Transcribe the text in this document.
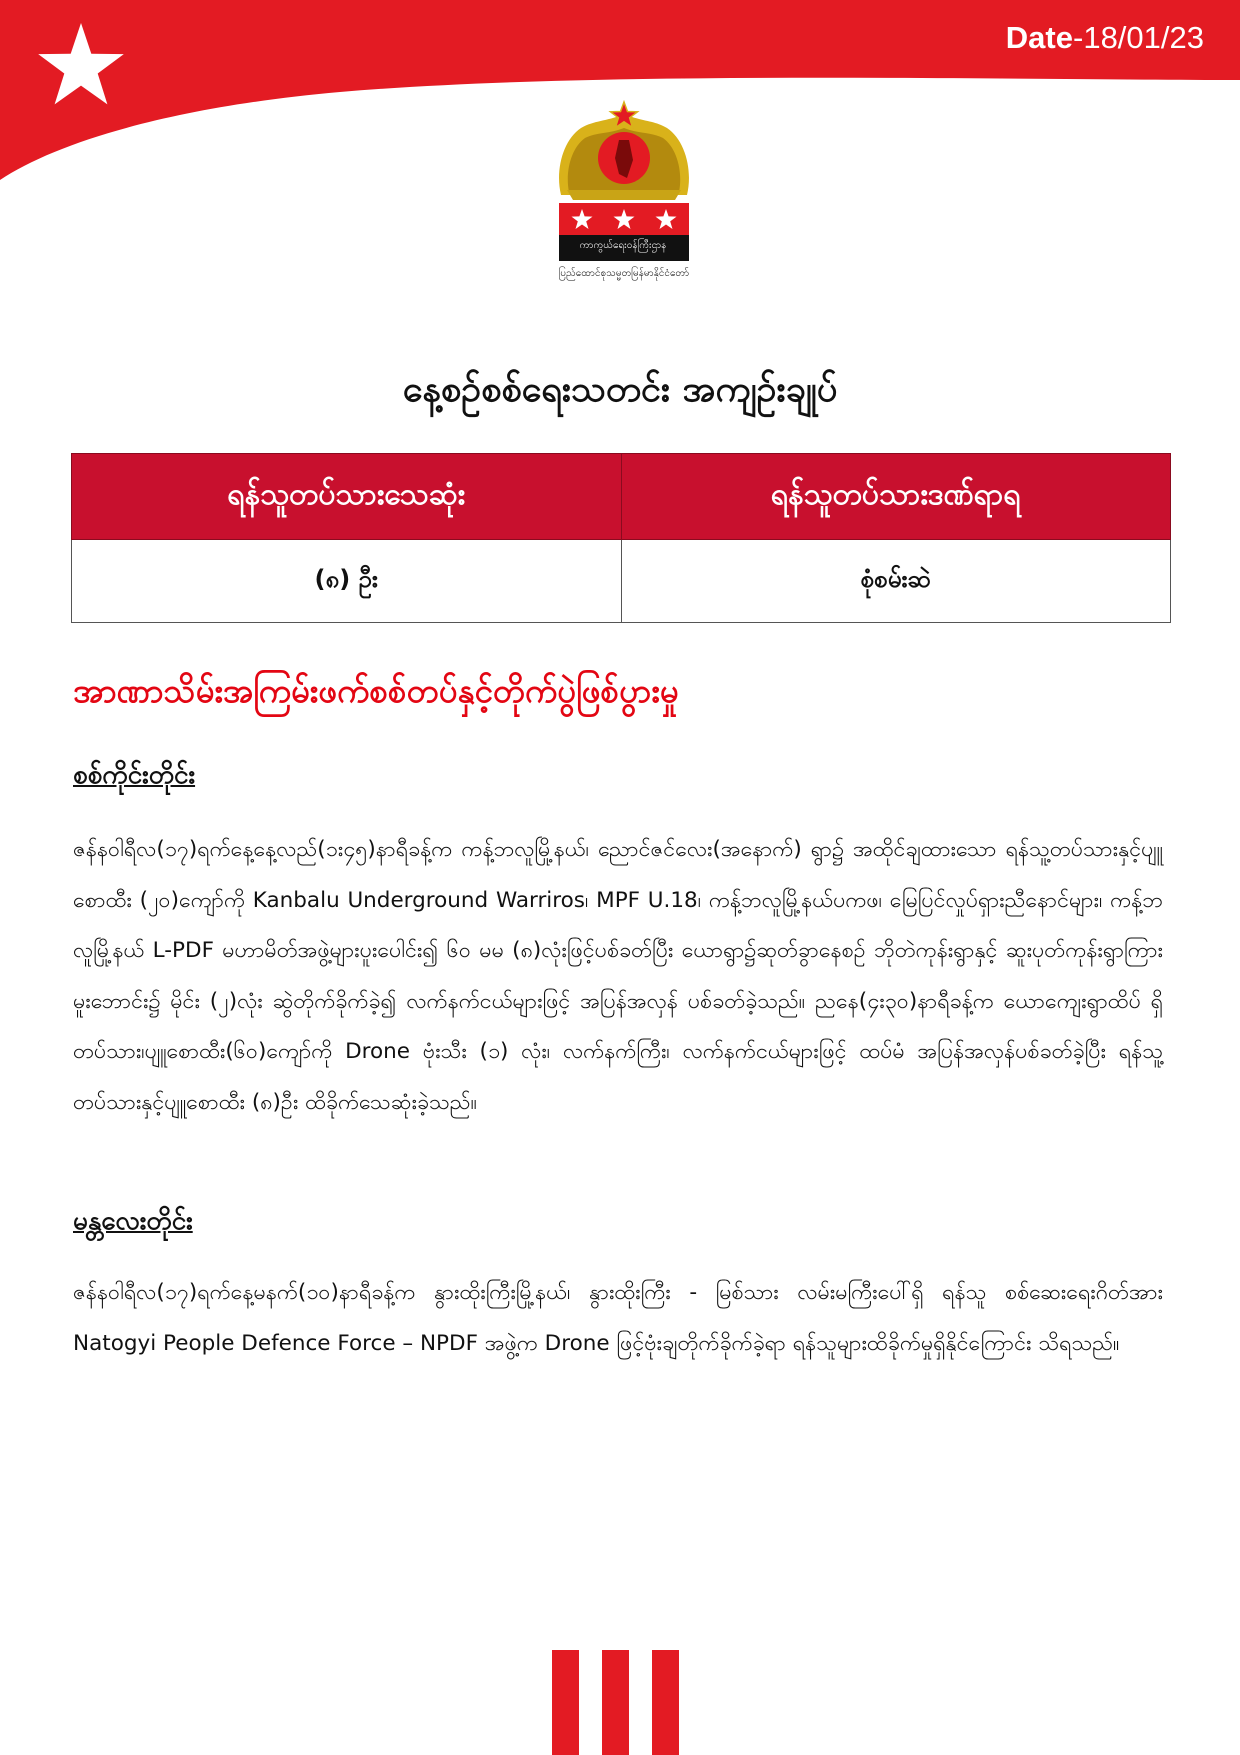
Date-18/01/23
ကာကွယ်ရေးဝန်ကြီးဌာန
ပြည်ထောင်စုသမ္မတမြန်မာနိုင်ငံတော်
နေ့စဉ်စစ်ရေးသတင်း အကျဉ်းချုပ်
ရန်သူတပ်သားသေဆုံး	ရန်သူတပ်သားဒဏ်ရာရ
(၈) ဦး	စုံစမ်းဆဲ
အာဏာသိမ်းအကြမ်းဖက်စစ်တပ်နှင့်တိုက်ပွဲဖြစ်ပွားမှု
စစ်ကိုင်းတိုင်း

ဇန်နဝါရီလ(၁၇)ရက်နေ့နေ့လည်(၁း၄၅)နာရီခန့်က ကန့်ဘလူမြို့နယ်၊ ညောင်ဇင်လေး(အနောက်) ရွာ၌ အထိုင်ချထားသော ရန်သူ့တပ်သားနှင့်ပျူစောထီး (၂၀)ကျော်ကို Kanbalu Underground Warriros၊ MPF U.18၊ ကန့်ဘလူမြို့နယ်ပကဖ၊ မြေပြင်လှုပ်ရှားညီနောင်များ၊ ကန့်ဘလူမြို့နယ် L-PDF မဟာမိတ်အဖွဲ့များပူးပေါင်း၍ ၆၀ မမ (၈)လုံးဖြင့်ပစ်ခတ်ပြီး ယောရွာ၌ဆုတ်ခွာနေစဉ် ဘိုတဲကုန်းရွာနှင့် ဆူးပုတ်ကုန်းရွာကြား မူးဘောင်း၌ မိုင်း (၂)လုံး ဆွဲတိုက်ခိုက်ခဲ့၍ လက်နက်ငယ်များဖြင့် အပြန်အလှန် ပစ်ခတ်ခဲ့သည်။ ညနေ(၄း၃၀)နာရီခန့်က ယောကျေးရွာထိပ် ရှိ တပ်သား၊ပျူစောထီး(၆၀)ကျော်ကို Drone ဗုံးသီး (၁) လုံး၊ လက်နက်ကြီး၊ လက်နက်ငယ်များဖြင့် ထပ်မံ အပြန်အလှန်ပစ်ခတ်ခဲ့ပြီး ရန်သူ့တပ်သားနှင့်ပျူစောထီး (၈)ဦး ထိခိုက်သေဆုံးခဲ့သည်။

မန္တလေးတိုင်း

ဇန်နဝါရီလ(၁၇)ရက်နေ့မနက်(၁၀)နာရီခန့်က နွားထိုးကြီးမြို့နယ်၊ နွားထိုးကြီး - မြစ်သား လမ်းမကြီးပေါ်ရှိ ရန်သူ စစ်ဆေးရေးဂိတ်အား Natogyi People Defence Force – NPDF အဖွဲ့က Drone ဖြင့်ဗုံးချတိုက်ခိုက်ခဲ့ရာ ရန်သူများထိခိုက်မှုရှိနိုင်ကြောင်း သိရသည်။
